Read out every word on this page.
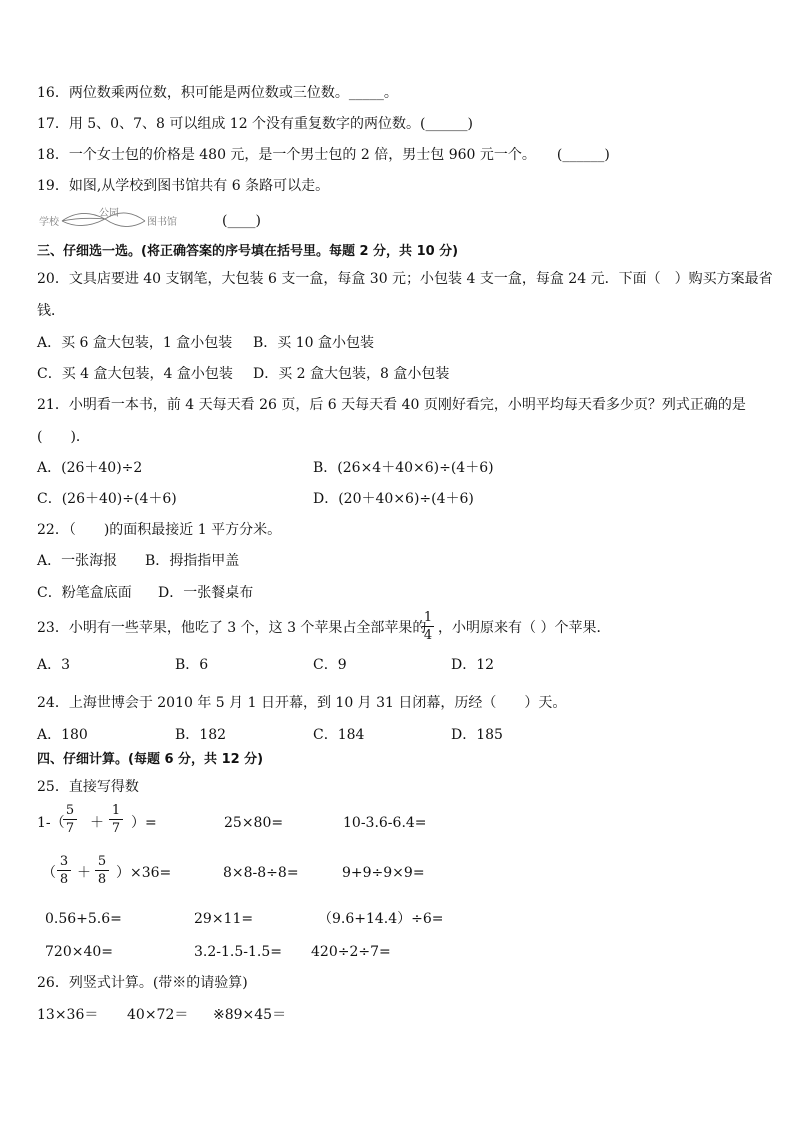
16．两位数乘两位数，积可能是两位数或三位数。_____。
17．用 5、0、7、8 可以组成 12 个没有重复数字的两位数。(______)
18．一个女士包的价格是 480 元，是一个男士包的 2 倍，男士包 960 元一个。　　(______)
19．如图,从学校到图书馆共有 6 条路可以走。
学校
公园
图书馆	(____)
三、仔细选一选。(将正确答案的序号填在括号里。每题 2 分，共 10 分)
20．文具店要进 40 支钢笔，大包装 6 支一盒，每盒 30 元；小包装 4 支一盒，每盒 24 元．下面（　）购买方案最省
钱．
A．买 6 盒大包装，1 盒小包装 B．买 10 盒小包装
C．买 4 盒大包装，4 盒小包装 D．买 2 盒大包装，8 盒小包装
21．小明看一本书，前 4 天每天看 26 页，后 6 天每天看 40 页刚好看完，小明平均每天看多少页？列式正确的是
(　　)．
A．(26＋40)÷2	B．(26×4＋40×6)÷(4＋6)
C．(26＋40)÷(4＋6)	D．(20＋40×6)÷(4＋6)
22．（　　)的面积最接近 1 平方分米。
A．一张海报 B．拇指指甲盖
C．粉笔盒底面 D．一张餐桌布
23．小明有一些苹果，他吃了 3 个，这 3 个苹果占全部苹果的
1
4 ，小明原来有（ ）个苹果．
A．3	B．6	C．9	D．12
24．上海世博会于 2010 年 5 月 1 日开幕，到 10 月 31 日闭幕，历经（　　）天。
A．180	B．182	C．184	D．185
四、仔细计算。(每题 6 分，共 12 分)
25．直接写得数
1-（
5
7 ＋
1
7 ）=	25×80=	10-3.6-6.4=
（
3
8 ＋
5
8 ）×36=	8×8-8÷8=	9+9÷9×9=
0.56+5.6=	29×11=	（9.6+14.4）÷6=
720×40=	3.2-1.5-1.5= 420÷2÷7=
26．列竖式计算。(带※的请验算)
13×36＝ 40×72＝ ※89×45＝
